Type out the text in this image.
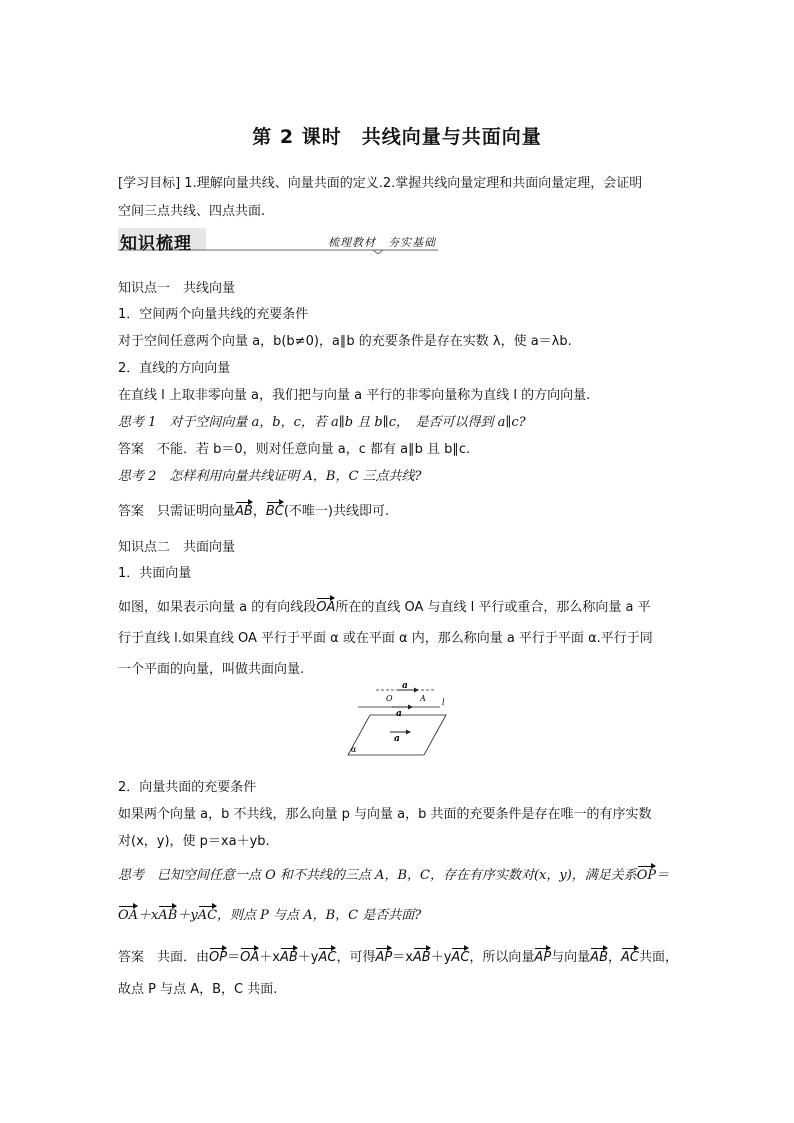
第 2 课时　共线向量与共面向量
[学习目标] 1.理解向量共线、向量共面的定义.2.掌握共线向量定理和共面向量定理，会证明
空间三点共线、四点共面.
知识梳理	梳理教材　夯实基础
知识点一　共线向量
1．空间两个向量共线的充要条件
对于空间任意两个向量 a，b(b≠0)，a∥b 的充要条件是存在实数 λ，使 a＝λb.
2．直线的方向向量
在直线 l 上取非零向量 a，我们把与向量 a 平行的非零向量称为直线 l 的方向向量.
思考 1　对于空间向量 a，b，c，若 a∥b 且 b∥c，　是否可以得到 a∥c?
答案　不能．若 b＝0，则对任意向量 a，c 都有 a∥b 且 b∥c.
思考 2　怎样利用向量共线证明 A，B，C 三点共线?
答案　只需证明向量AB，BC(不唯一)共线即可.
知识点二　共面向量
1．共面向量
如图，如果表示向量 a 的有向线段OA所在的直线 OA 与直线 l 平行或重合，那么称向量 a 平
行于直线 l.如果直线 OA 平行于平面 α 或在平面 α 内，那么称向量 a 平行于平面 α.平行于同
一个平面的向量，叫做共面向量.
a
O	A
a
l
a
α
2．向量共面的充要条件
如果两个向量 a，b 不共线，那么向量 p 与向量 a，b 共面的充要条件是存在唯一的有序实数
对(x，y)，使 p＝xa＋yb.
思考　已知空间任意一点 O 和不共线的三点 A，B，C，存在有序实数对(x，y)，满足关系OP＝
OA＋xAB＋yAC，则点 P 与点 A，B，C 是否共面?
答案　共面．由OP＝OA＋xAB＋yAC，可得AP＝xAB＋yAC，所以向量AP与向量AB，AC共面，
故点 P 与点 A，B，C 共面.
